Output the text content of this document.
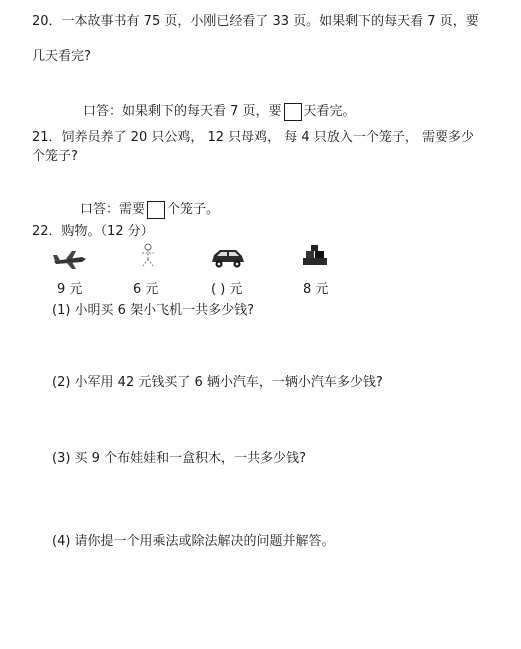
20．一本故事书有 75 页，小刚已经看了 33 页。如果剩下的每天看 7 页，要
几天看完?
口答：如果剩下的每天看 7 页，要 天看完。
21．饲养员养了 20 只公鸡， 12 只母鸡， 每 4 只放入一个笼子， 需要多少
个笼子?
口答：需要 个笼子。
22．购物。（12 分）
9 元	6 元	( ) 元	8 元
(1) 小明买 6 架小飞机一共多少钱?
(2) 小军用 42 元钱买了 6 辆小汽车，一辆小汽车多少钱?
(3) 买 9 个布娃娃和一盒积木，一共多少钱?
(4) 请你提一个用乘法或除法解决的问题并解答。
